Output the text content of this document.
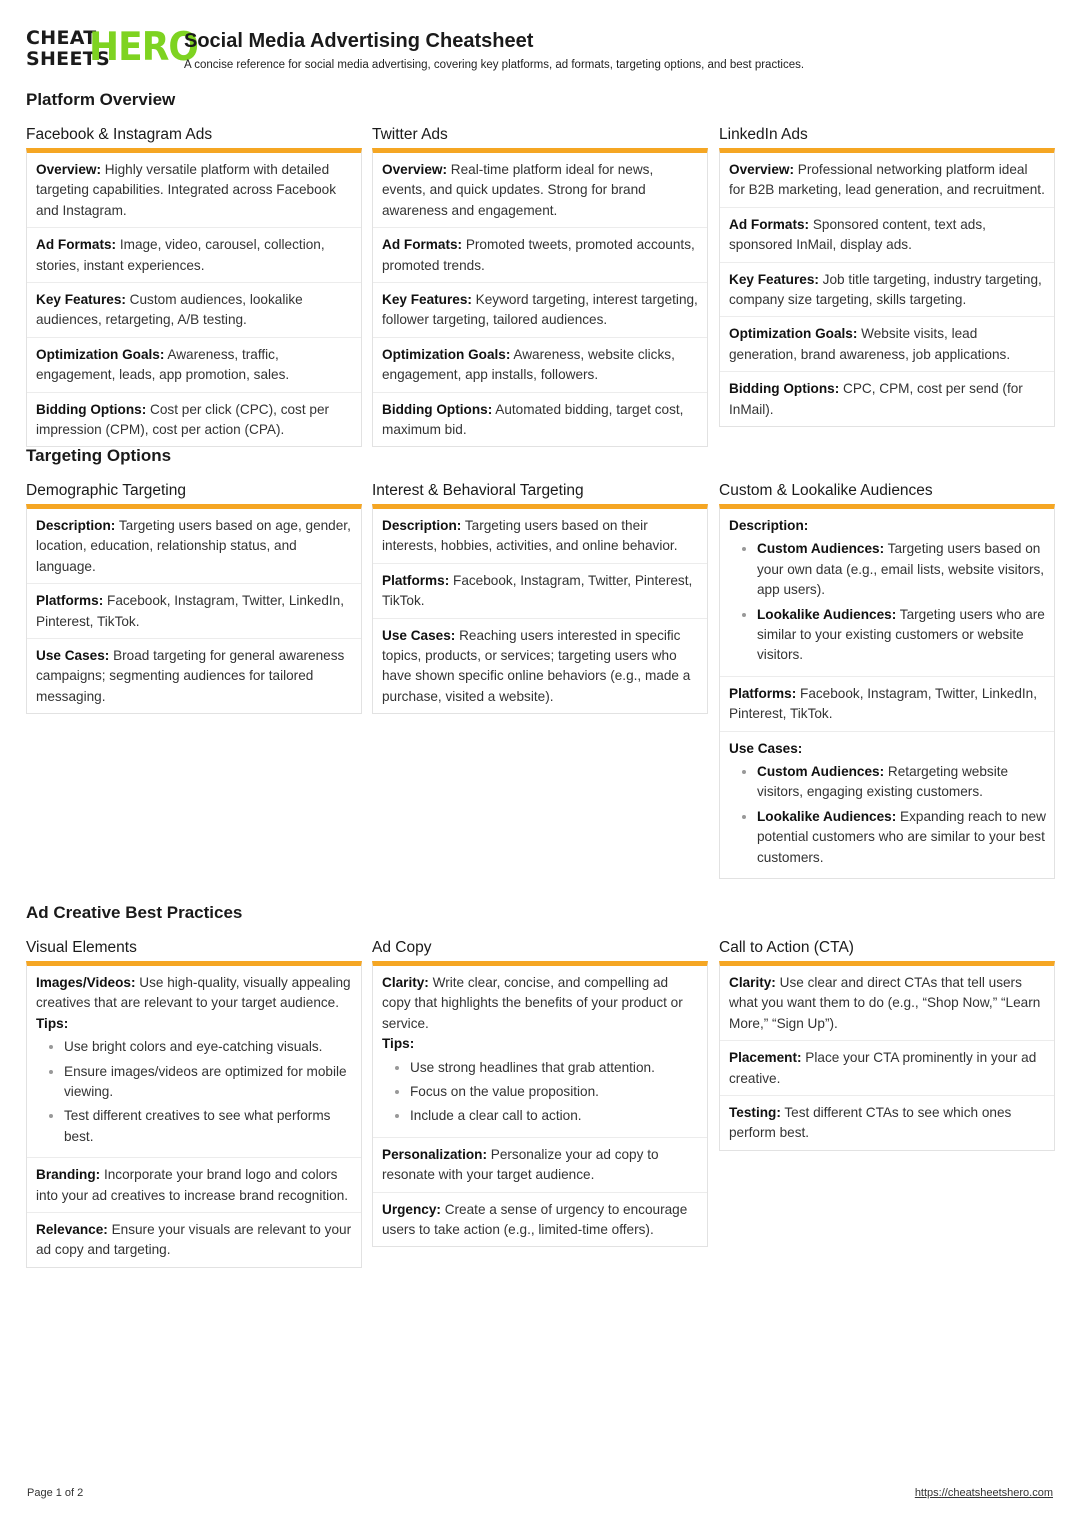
CHEAT
SHEETS
HERO
Social Media Advertising Cheatsheet
A concise reference for social media advertising, covering key platforms, ad formats, targeting options, and best practices.
Platform Overview
Facebook & Instagram Ads
Overview: Highly versatile platform with detailed targeting capabilities. Integrated across Facebook and Instagram.
Ad Formats: Image, video, carousel, collection, stories, instant experiences.
Key Features: Custom audiences, lookalike audiences, retargeting, A/B testing.
Optimization Goals: Awareness, traffic, engagement, leads, app promotion, sales.
Bidding Options: Cost per click (CPC), cost per impression (CPM), cost per action (CPA).
Twitter Ads
Overview: Real-time platform ideal for news, events, and quick updates. Strong for brand awareness and engagement.
Ad Formats: Promoted tweets, promoted accounts, promoted trends.
Key Features: Keyword targeting, interest targeting, follower targeting, tailored audiences.
Optimization Goals: Awareness, website clicks, engagement, app installs, followers.
Bidding Options: Automated bidding, target cost, maximum bid.
LinkedIn Ads
Overview: Professional networking platform ideal for B2B marketing, lead generation, and recruitment.
Ad Formats: Sponsored content, text ads, sponsored InMail, display ads.
Key Features: Job title targeting, industry targeting, company size targeting, skills targeting.
Optimization Goals: Website visits, lead generation, brand awareness, job applications.
Bidding Options: CPC, CPM, cost per send (for InMail).
Targeting Options
Demographic Targeting
Description: Targeting users based on age, gender, location, education, relationship status, and language.
Platforms: Facebook, Instagram, Twitter, LinkedIn, Pinterest, TikTok.
Use Cases: Broad targeting for general awareness campaigns; segmenting audiences for tailored messaging.
Interest & Behavioral Targeting
Description: Targeting users based on their interests, hobbies, activities, and online behavior.
Platforms: Facebook, Instagram, Twitter, Pinterest, TikTok.
Use Cases: Reaching users interested in specific topics, products, or services; targeting users who have shown specific online behaviors (e.g., made a purchase, visited a website).
Custom & Lookalike Audiences
Description:
• Custom Audiences: Targeting users based on your own data (e.g., email lists, website visitors, app users).
• Lookalike Audiences: Targeting users who are similar to your existing customers or website visitors.
Platforms: Facebook, Instagram, Twitter, LinkedIn, Pinterest, TikTok.
Use Cases:
• Custom Audiences: Retargeting website visitors, engaging existing customers.
• Lookalike Audiences: Expanding reach to new potential customers who are similar to your best customers.
Ad Creative Best Practices
Visual Elements
Images/Videos: Use high-quality, visually appealing creatives that are relevant to your target audience.
Tips:
• Use bright colors and eye-catching visuals.
• Ensure images/videos are optimized for mobile viewing.
• Test different creatives to see what performs best.
Branding: Incorporate your brand logo and colors into your ad creatives to increase brand recognition.
Relevance: Ensure your visuals are relevant to your ad copy and targeting.
Ad Copy
Clarity: Write clear, concise, and compelling ad copy that highlights the benefits of your product or service.
Tips:
• Use strong headlines that grab attention.
• Focus on the value proposition.
• Include a clear call to action.
Personalization: Personalize your ad copy to resonate with your target audience.
Urgency: Create a sense of urgency to encourage users to take action (e.g., limited-time offers).
Call to Action (CTA)
Clarity: Use clear and direct CTAs that tell users what you want them to do (e.g., “Shop Now,” “Learn More,” “Sign Up”).
Placement: Place your CTA prominently in your ad creative.
Testing: Test different CTAs to see which ones perform best.
Page 1 of 2	https://cheatsheetshero.com
